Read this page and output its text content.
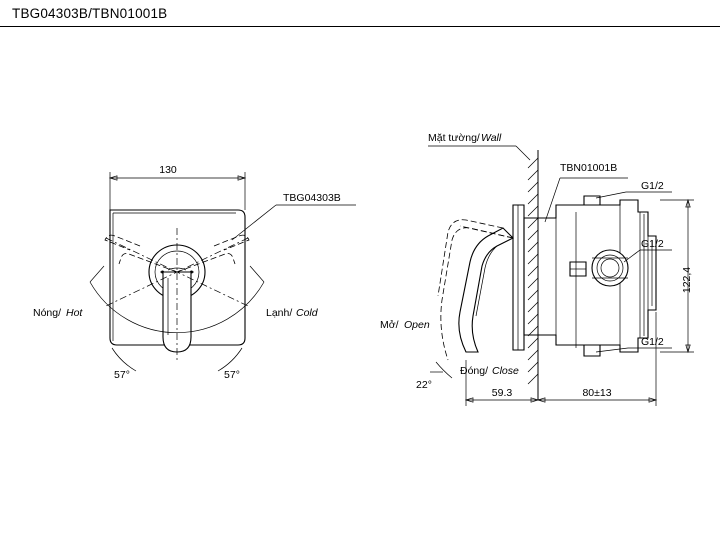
TBG04303B/TBN01001B
130
57°	57°
Nóng/ Hot	Lạnh/ Cold
TBG04303B
Mặt tường/ Wall
22°
Mở/ Open
Đóng/ Close
TBN01001B
G1/2
G1/2
G1/2
122,4
59.3	80±13
